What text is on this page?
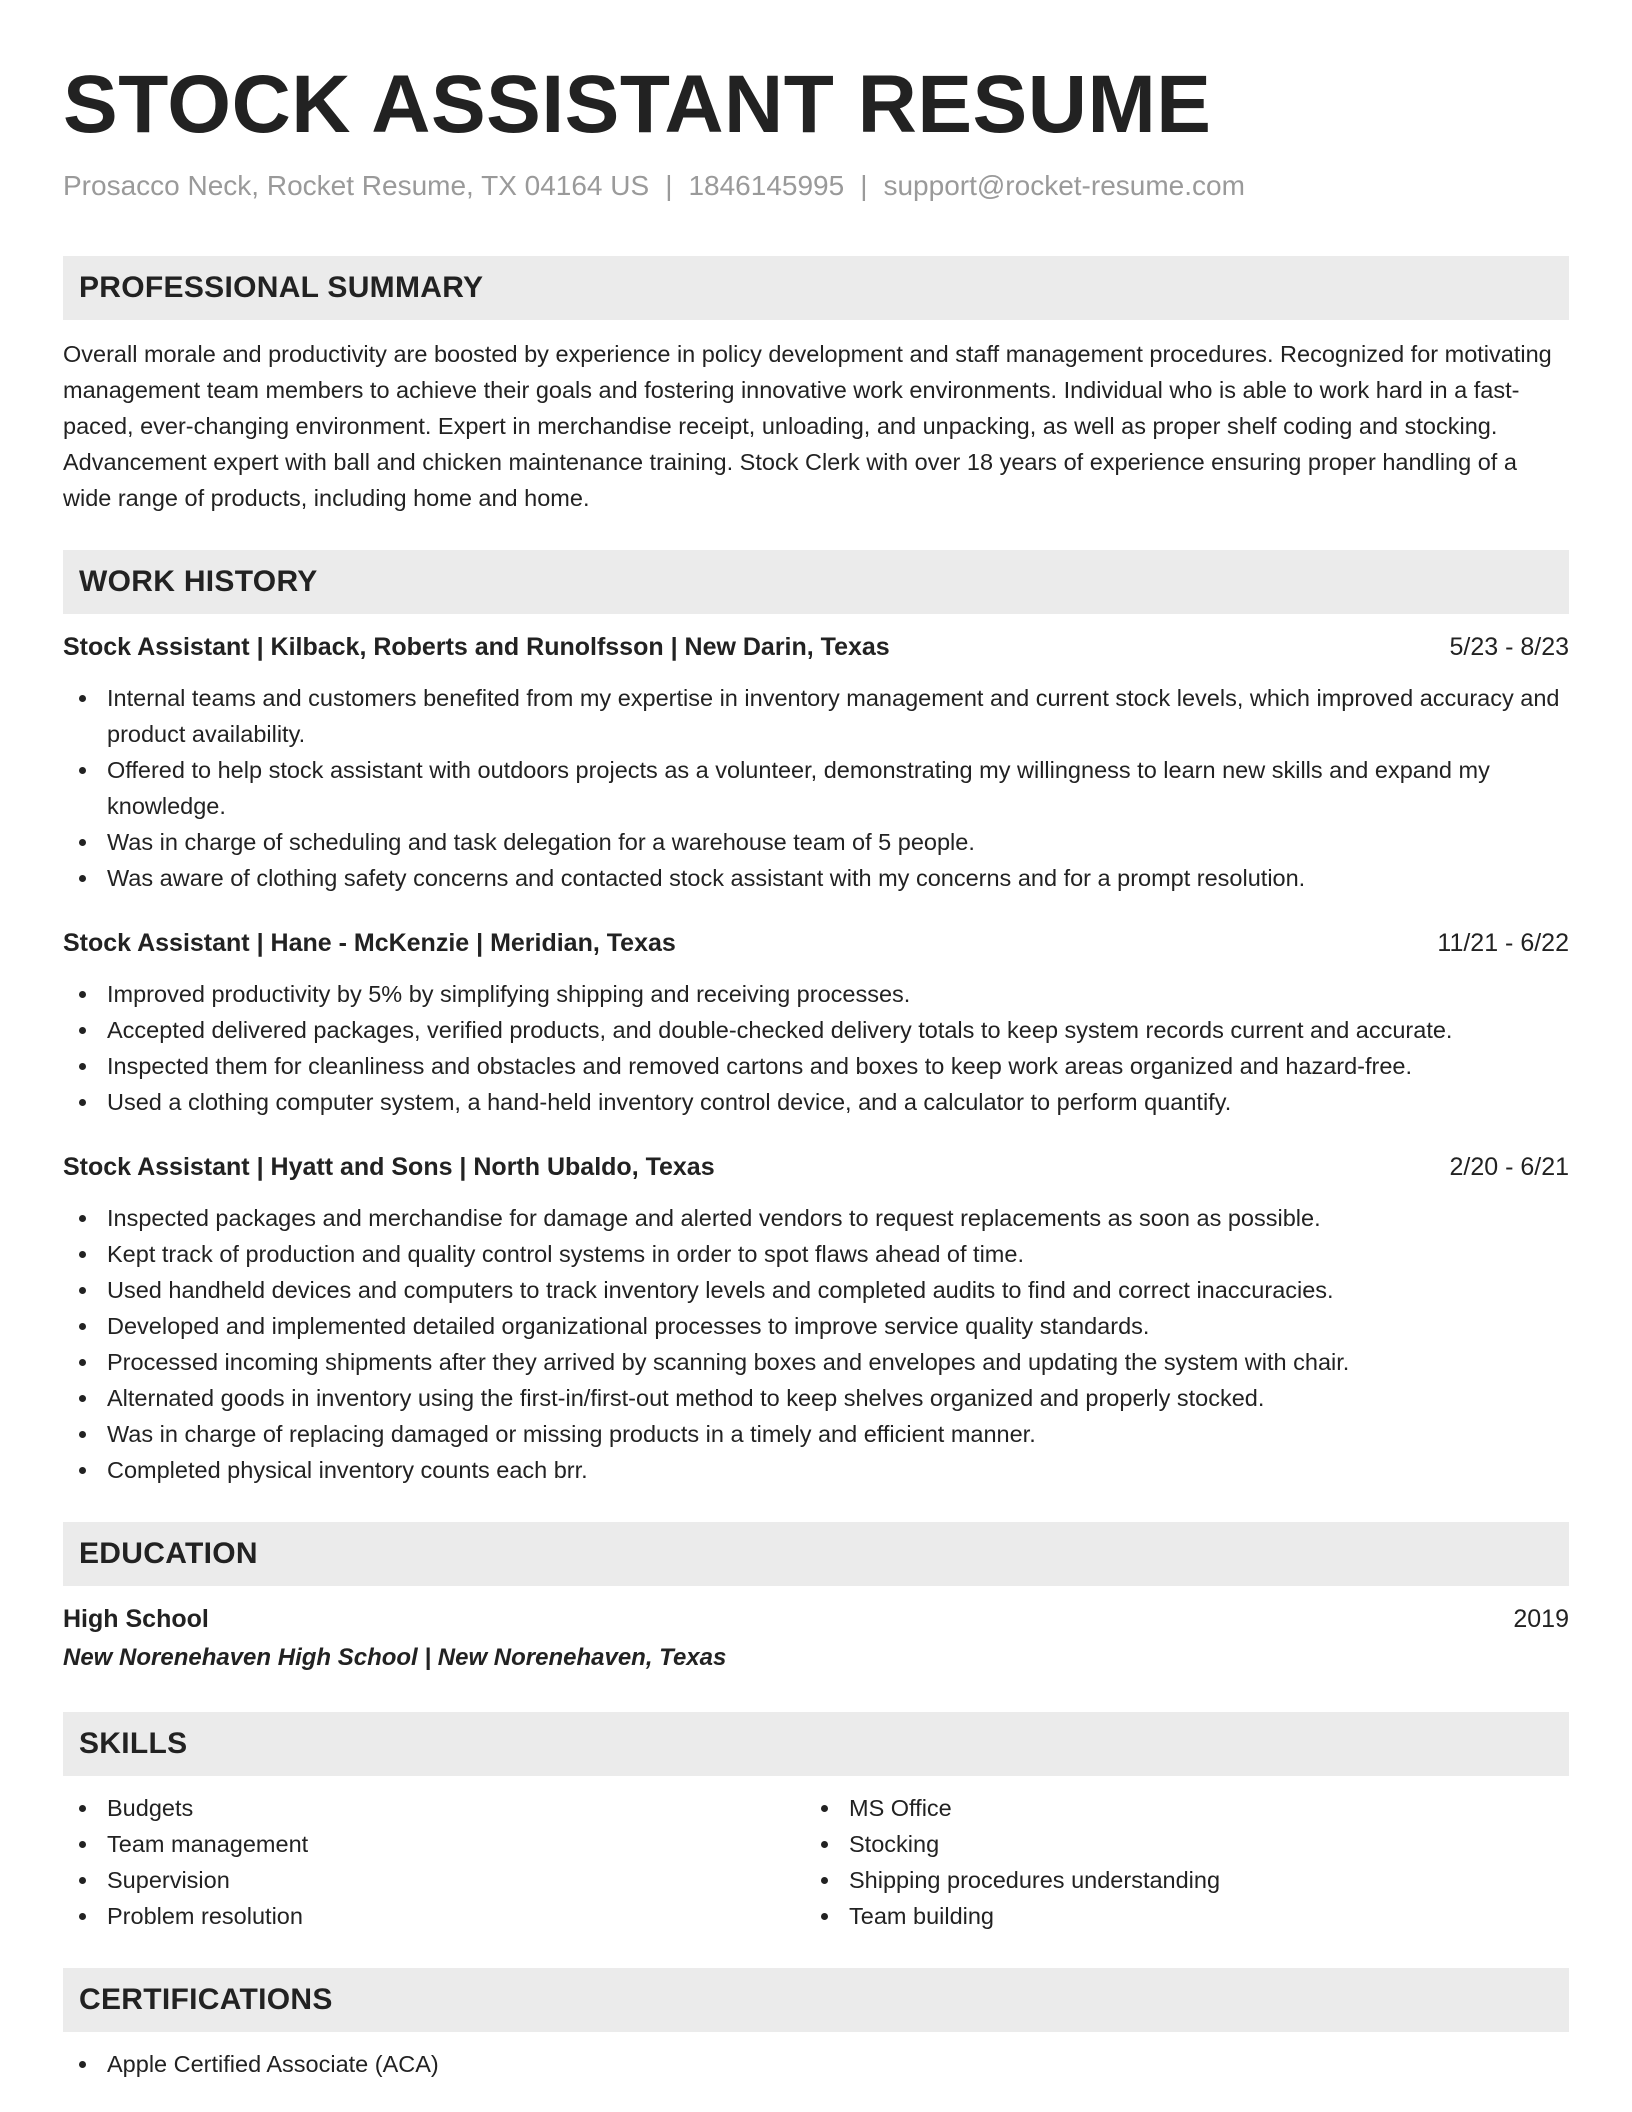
STOCK ASSISTANT RESUME
Prosacco Neck, Rocket Resume, TX 04164 US | 1846145995 | support@rocket-resume.com
PROFESSIONAL SUMMARY
Overall morale and productivity are boosted by experience in policy development and staff management procedures. Recognized for motivating management team members to achieve their goals and fostering innovative work environments. Individual who is able to work hard in a fast-paced, ever-changing environment. Expert in merchandise receipt, unloading, and unpacking, as well as proper shelf coding and stocking. Advancement expert with ball and chicken maintenance training. Stock Clerk with over 18 years of experience ensuring proper handling of a wide range of products, including home and home.
WORK HISTORY
Stock Assistant | Kilback, Roberts and Runolfsson | New Darin, Texas	5/23 - 8/23
Internal teams and customers benefited from my expertise in inventory management and current stock levels, which improved accuracy and product availability.
Offered to help stock assistant with outdoors projects as a volunteer, demonstrating my willingness to learn new skills and expand my knowledge.
Was in charge of scheduling and task delegation for a warehouse team of 5 people.
Was aware of clothing safety concerns and contacted stock assistant with my concerns and for a prompt resolution.
Stock Assistant | Hane - McKenzie | Meridian, Texas	11/21 - 6/22
Improved productivity by 5% by simplifying shipping and receiving processes.
Accepted delivered packages, verified products, and double-checked delivery totals to keep system records current and accurate.
Inspected them for cleanliness and obstacles and removed cartons and boxes to keep work areas organized and hazard-free.
Used a clothing computer system, a hand-held inventory control device, and a calculator to perform quantify.
Stock Assistant | Hyatt and Sons | North Ubaldo, Texas	2/20 - 6/21
Inspected packages and merchandise for damage and alerted vendors to request replacements as soon as possible.
Kept track of production and quality control systems in order to spot flaws ahead of time.
Used handheld devices and computers to track inventory levels and completed audits to find and correct inaccuracies.
Developed and implemented detailed organizational processes to improve service quality standards.
Processed incoming shipments after they arrived by scanning boxes and envelopes and updating the system with chair.
Alternated goods in inventory using the first-in/first-out method to keep shelves organized and properly stocked.
Was in charge of replacing damaged or missing products in a timely and efficient manner.
Completed physical inventory counts each brr.
EDUCATION
High School	2019
New Norenehaven High School | New Norenehaven, Texas
SKILLS
Budgets
Team management
Supervision
Problem resolution
MS Office
Stocking
Shipping procedures understanding
Team building
CERTIFICATIONS
Apple Certified Associate (ACA)
